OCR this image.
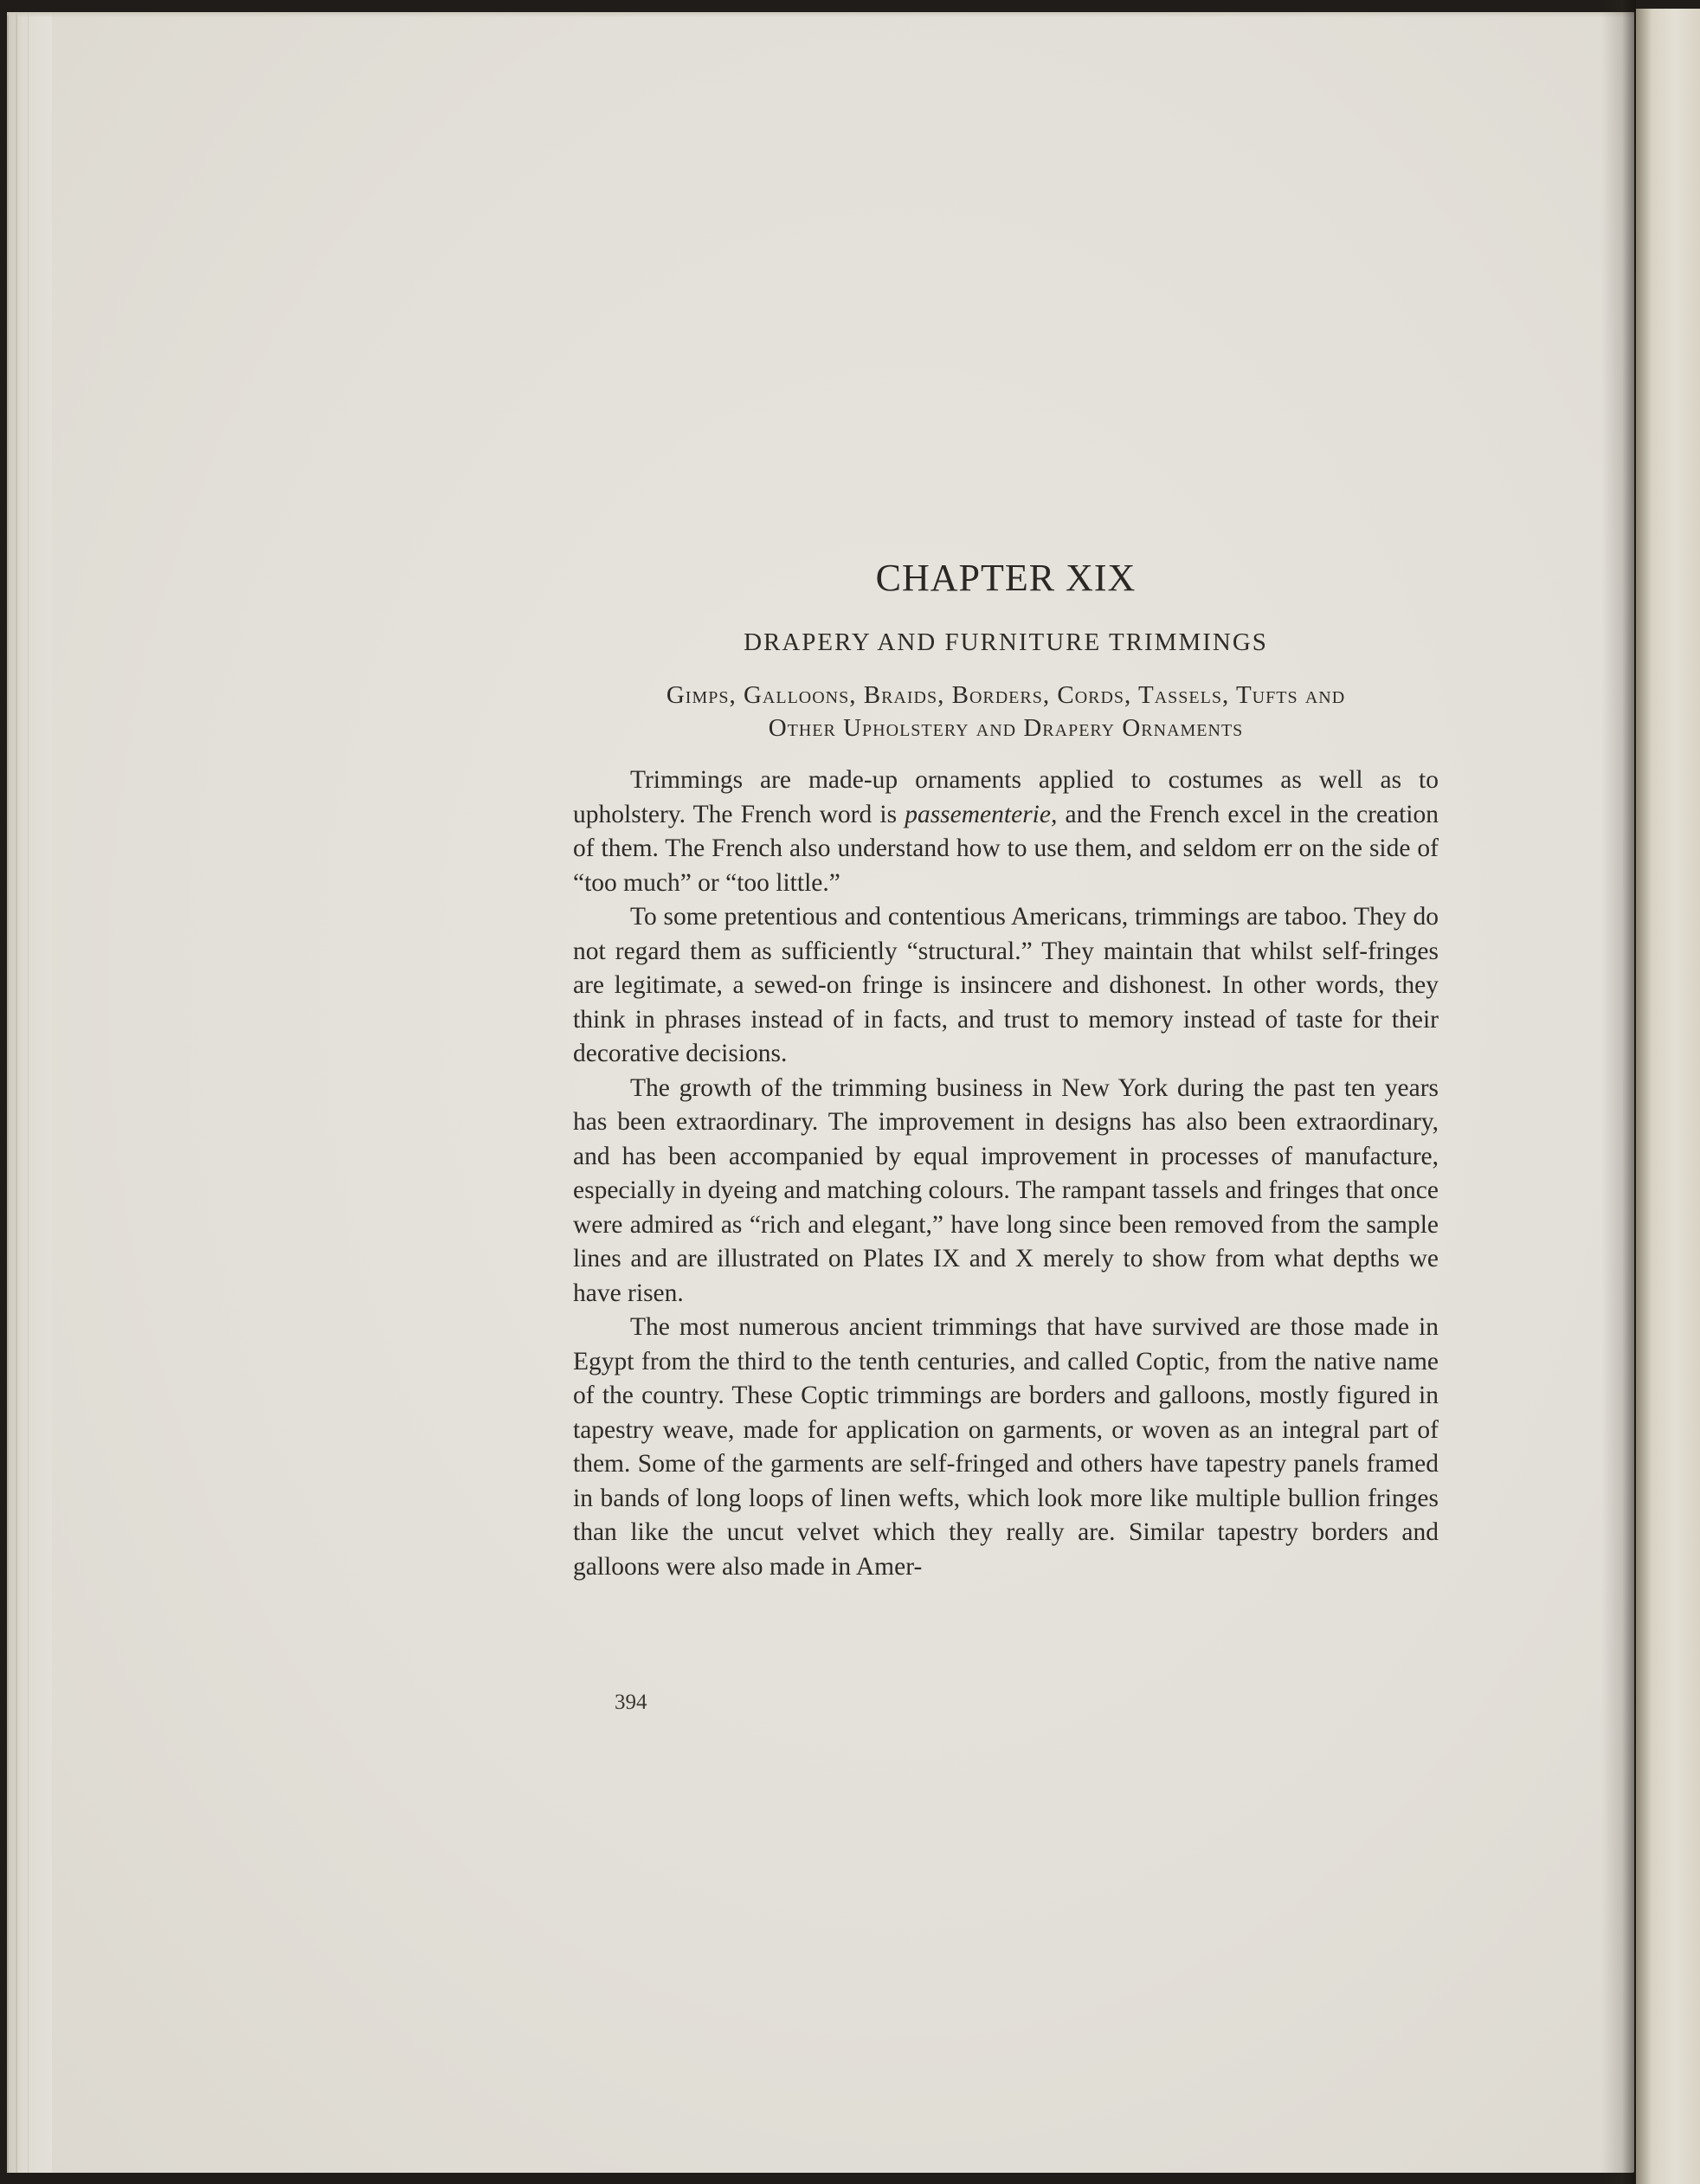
CHAPTER XIX
DRAPERY AND FURNITURE TRIMMINGS
Gimps, Galloons, Braids, Borders, Cords, Tassels, Tufts and
Other Upholstery and Drapery Ornaments

Trimmings are made-up ornaments applied to costumes as well as to upholstery. The French word is passementerie, and the French excel in the creation of them. The French also understand how to use them, and seldom err on the side of “too much” or “too little.”

To some pretentious and contentious Americans, trimmings are taboo. They do not regard them as sufficiently “structural.” They maintain that whilst self-fringes are legitimate, a sewed-on fringe is insincere and dishonest. In other words, they think in phrases instead of in facts, and trust to memory instead of taste for their decorative decisions.

The growth of the trimming business in New York during the past ten years has been extraordinary. The improvement in designs has also been extraordinary, and has been accompanied by equal improvement in processes of manufacture, especially in dyeing and matching colours. The rampant tassels and fringes that once were admired as “rich and elegant,” have long since been removed from the sample lines and are illustrated on Plates IX and X merely to show from what depths we have risen.

The most numerous ancient trimmings that have survived are those made in Egypt from the third to the tenth centuries, and called Coptic, from the native name of the country. These Coptic trimmings are borders and galloons, mostly figured in tapestry weave, made for application on garments, or woven as an integral part of them. Some of the garments are self-fringed and others have tapestry panels framed in bands of long loops of linen wefts, which look more like multiple bullion fringes than like the uncut velvet which they really are. Similar tapestry borders and galloons were also made in Amer-

394
